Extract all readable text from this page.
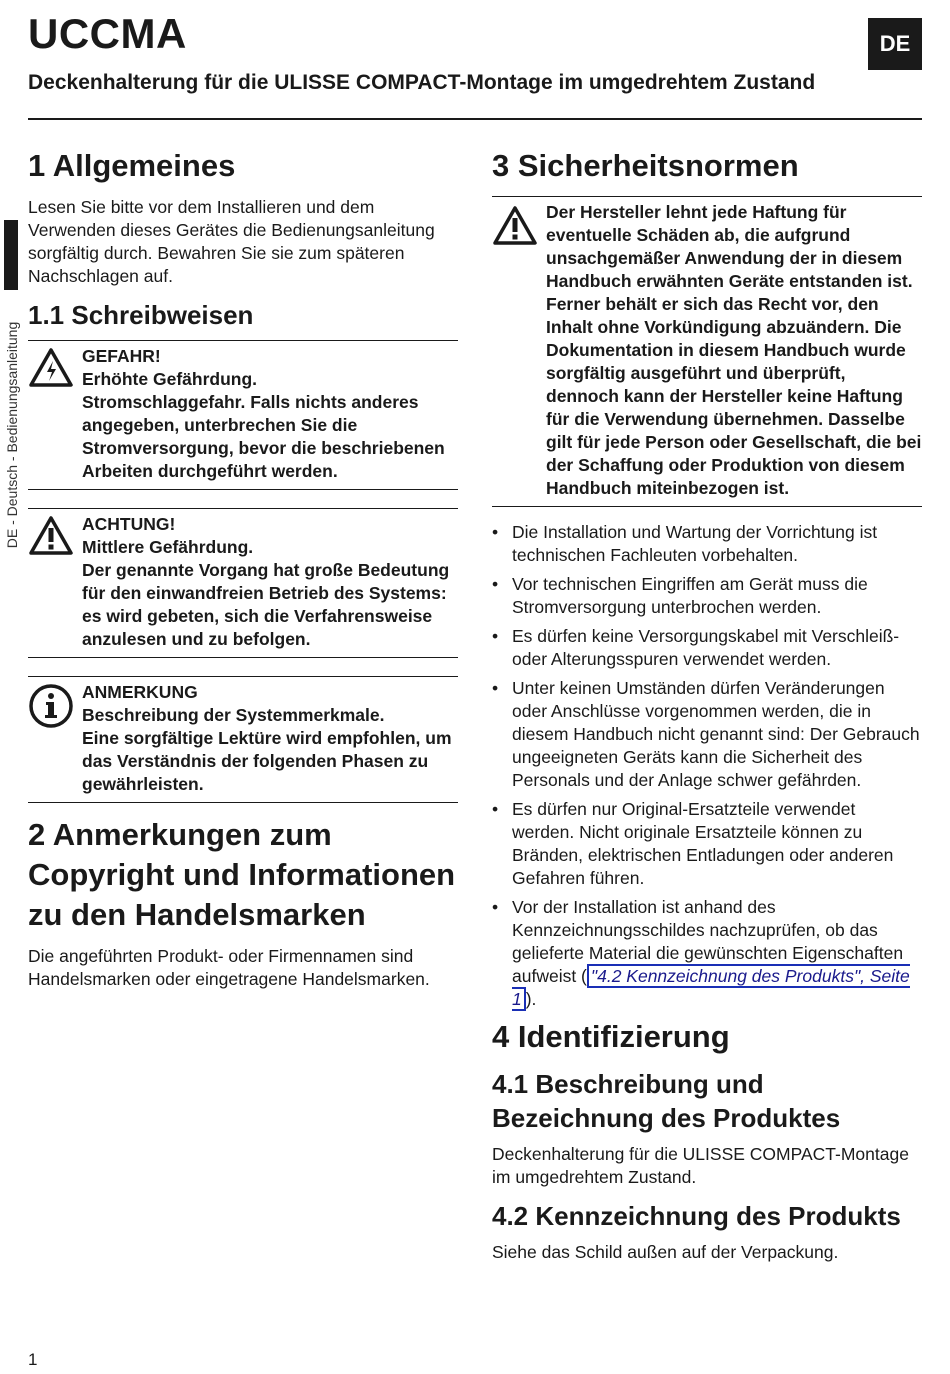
UCCMA
Deckenhalterung für die ULISSE COMPACT-Montage im umgedrehtem Zustand
DE
DE - Deutsch - Bedienungsanleitung
1 Allgemeines

Lesen Sie bitte vor dem Installieren und dem Verwenden dieses Gerätes die Bedienungsanleitung sorgfältig durch. Bewahren Sie sie zum späteren Nachschlagen auf.

1.1 Schreibweisen
GEFAHR!
Erhöhte Gefährdung.
Stromschlaggefahr. Falls nichts anderes angegeben, unterbrechen Sie die Stromversorgung, bevor die beschriebenen Arbeiten durchgeführt werden.
ACHTUNG!
Mittlere Gefährdung.
Der genannte Vorgang hat große Bedeutung für den einwandfreien Betrieb des Systems: es wird gebeten, sich die Verfahrensweise anzulesen und zu befolgen.
ANMERKUNG
Beschreibung der Systemmerkmale.
Eine sorgfältige Lektüre wird empfohlen, um das Verständnis der folgenden Phasen zu gewährleisten.
2 Anmerkungen zum Copyright und Informationen zu den Handelsmarken

Die angeführten Produkt- oder Firmennamen sind Handelsmarken oder eingetragene Handelsmarken.

3 Sicherheitsnormen
Der Hersteller lehnt jede Haftung für eventuelle Schäden ab, die aufgrund unsachgemäßer Anwendung der in diesem Handbuch erwähnten Geräte entstanden ist. Ferner behält er sich das Recht vor, den Inhalt ohne Vorkündigung abzuändern. Die Dokumentation in diesem Handbuch wurde sorgfältig ausgeführt und überprüft, dennoch kann der Hersteller keine Haftung für die Verwendung übernehmen. Dasselbe gilt für jede Person oder Gesellschaft, die bei der Schaffung oder Produktion von diesem Handbuch miteinbezogen ist.
• Die Installation und Wartung der Vorrichtung ist technischen Fachleuten vorbehalten.
• Vor technischen Eingriffen am Gerät muss die Stromversorgung unterbrochen werden.
• Es dürfen keine Versorgungskabel mit Verschleiß- oder Alterungsspuren verwendet werden.
• Unter keinen Umständen dürfen Veränderungen oder Anschlüsse vorgenommen werden, die in diesem Handbuch nicht genannt sind: Der Gebrauch ungeeigneten Geräts kann die Sicherheit des Personals und der Anlage schwer gefährden.
• Es dürfen nur Original-Ersatzteile verwendet werden. Nicht originale Ersatzteile können zu Bränden, elektrischen Entladungen oder anderen Gefahren führen.
• Vor der Installation ist anhand des Kennzeichnungsschildes nachzuprüfen, ob das gelieferte Material die gewünschten Eigenschaften aufweist ( "4.2 Kennzeichnung des Produkts", Seite 1 ).
4 Identifizierung
4.1 Beschreibung und Bezeichnung des Produktes

Deckenhalterung für die ULISSE COMPACT-Montage im umgedrehtem Zustand.

4.2 Kennzeichnung des Produkts

Siehe das Schild außen auf der Verpackung.

1
